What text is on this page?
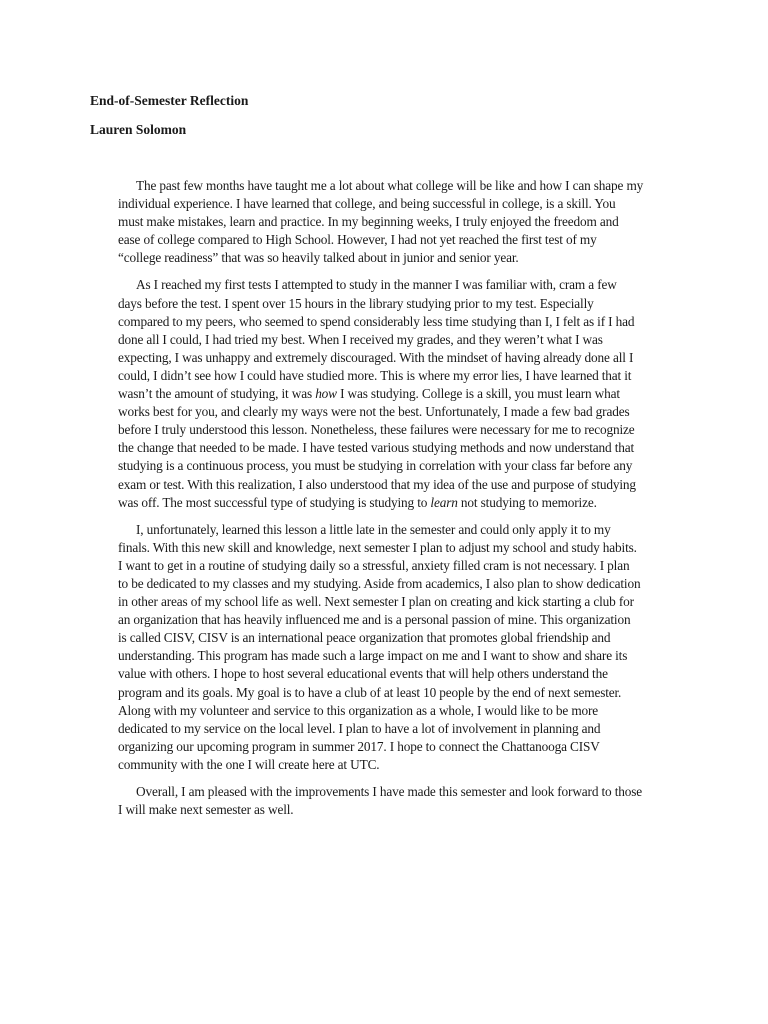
End-of-Semester Reflection
Lauren Solomon

The past few months have taught me a lot about what college will be like and how I can shape my
individual experience. I have learned that college, and being successful in college, is a skill. You
must make mistakes, learn and practice. In my beginning weeks, I truly enjoyed the freedom and
ease of college compared to High School. However, I had not yet reached the first test of my
“college readiness” that was so heavily talked about in junior and senior year.

As I reached my first tests I attempted to study in the manner I was familiar with, cram a few
days before the test. I spent over 15 hours in the library studying prior to my test. Especially
compared to my peers, who seemed to spend considerably less time studying than I, I felt as if I had
done all I could, I had tried my best. When I received my grades, and they weren’t what I was
expecting, I was unhappy and extremely discouraged. With the mindset of having already done all I
could, I didn’t see how I could have studied more. This is where my error lies, I have learned that it
wasn’t the amount of studying, it was how I was studying. College is a skill, you must learn what
works best for you, and clearly my ways were not the best. Unfortunately, I made a few bad grades
before I truly understood this lesson. Nonetheless, these failures were necessary for me to recognize
the change that needed to be made. I have tested various studying methods and now understand that
studying is a continuous process, you must be studying in correlation with your class far before any
exam or test. With this realization, I also understood that my idea of the use and purpose of studying
was off. The most successful type of studying is studying to learn not studying to memorize.

I, unfortunately, learned this lesson a little late in the semester and could only apply it to my
finals. With this new skill and knowledge, next semester I plan to adjust my school and study habits.
I want to get in a routine of studying daily so a stressful, anxiety filled cram is not necessary. I plan
to be dedicated to my classes and my studying. Aside from academics, I also plan to show dedication
in other areas of my school life as well. Next semester I plan on creating and kick starting a club for
an organization that has heavily influenced me and is a personal passion of mine. This organization
is called CISV, CISV is an international peace organization that promotes global friendship and
understanding. This program has made such a large impact on me and I want to show and share its
value with others. I hope to host several educational events that will help others understand the
program and its goals. My goal is to have a club of at least 10 people by the end of next semester.
Along with my volunteer and service to this organization as a whole, I would like to be more
dedicated to my service on the local level. I plan to have a lot of involvement in planning and
organizing our upcoming program in summer 2017. I hope to connect the Chattanooga CISV
community with the one I will create here at UTC.

Overall, I am pleased with the improvements I have made this semester and look forward to those
I will make next semester as well.
